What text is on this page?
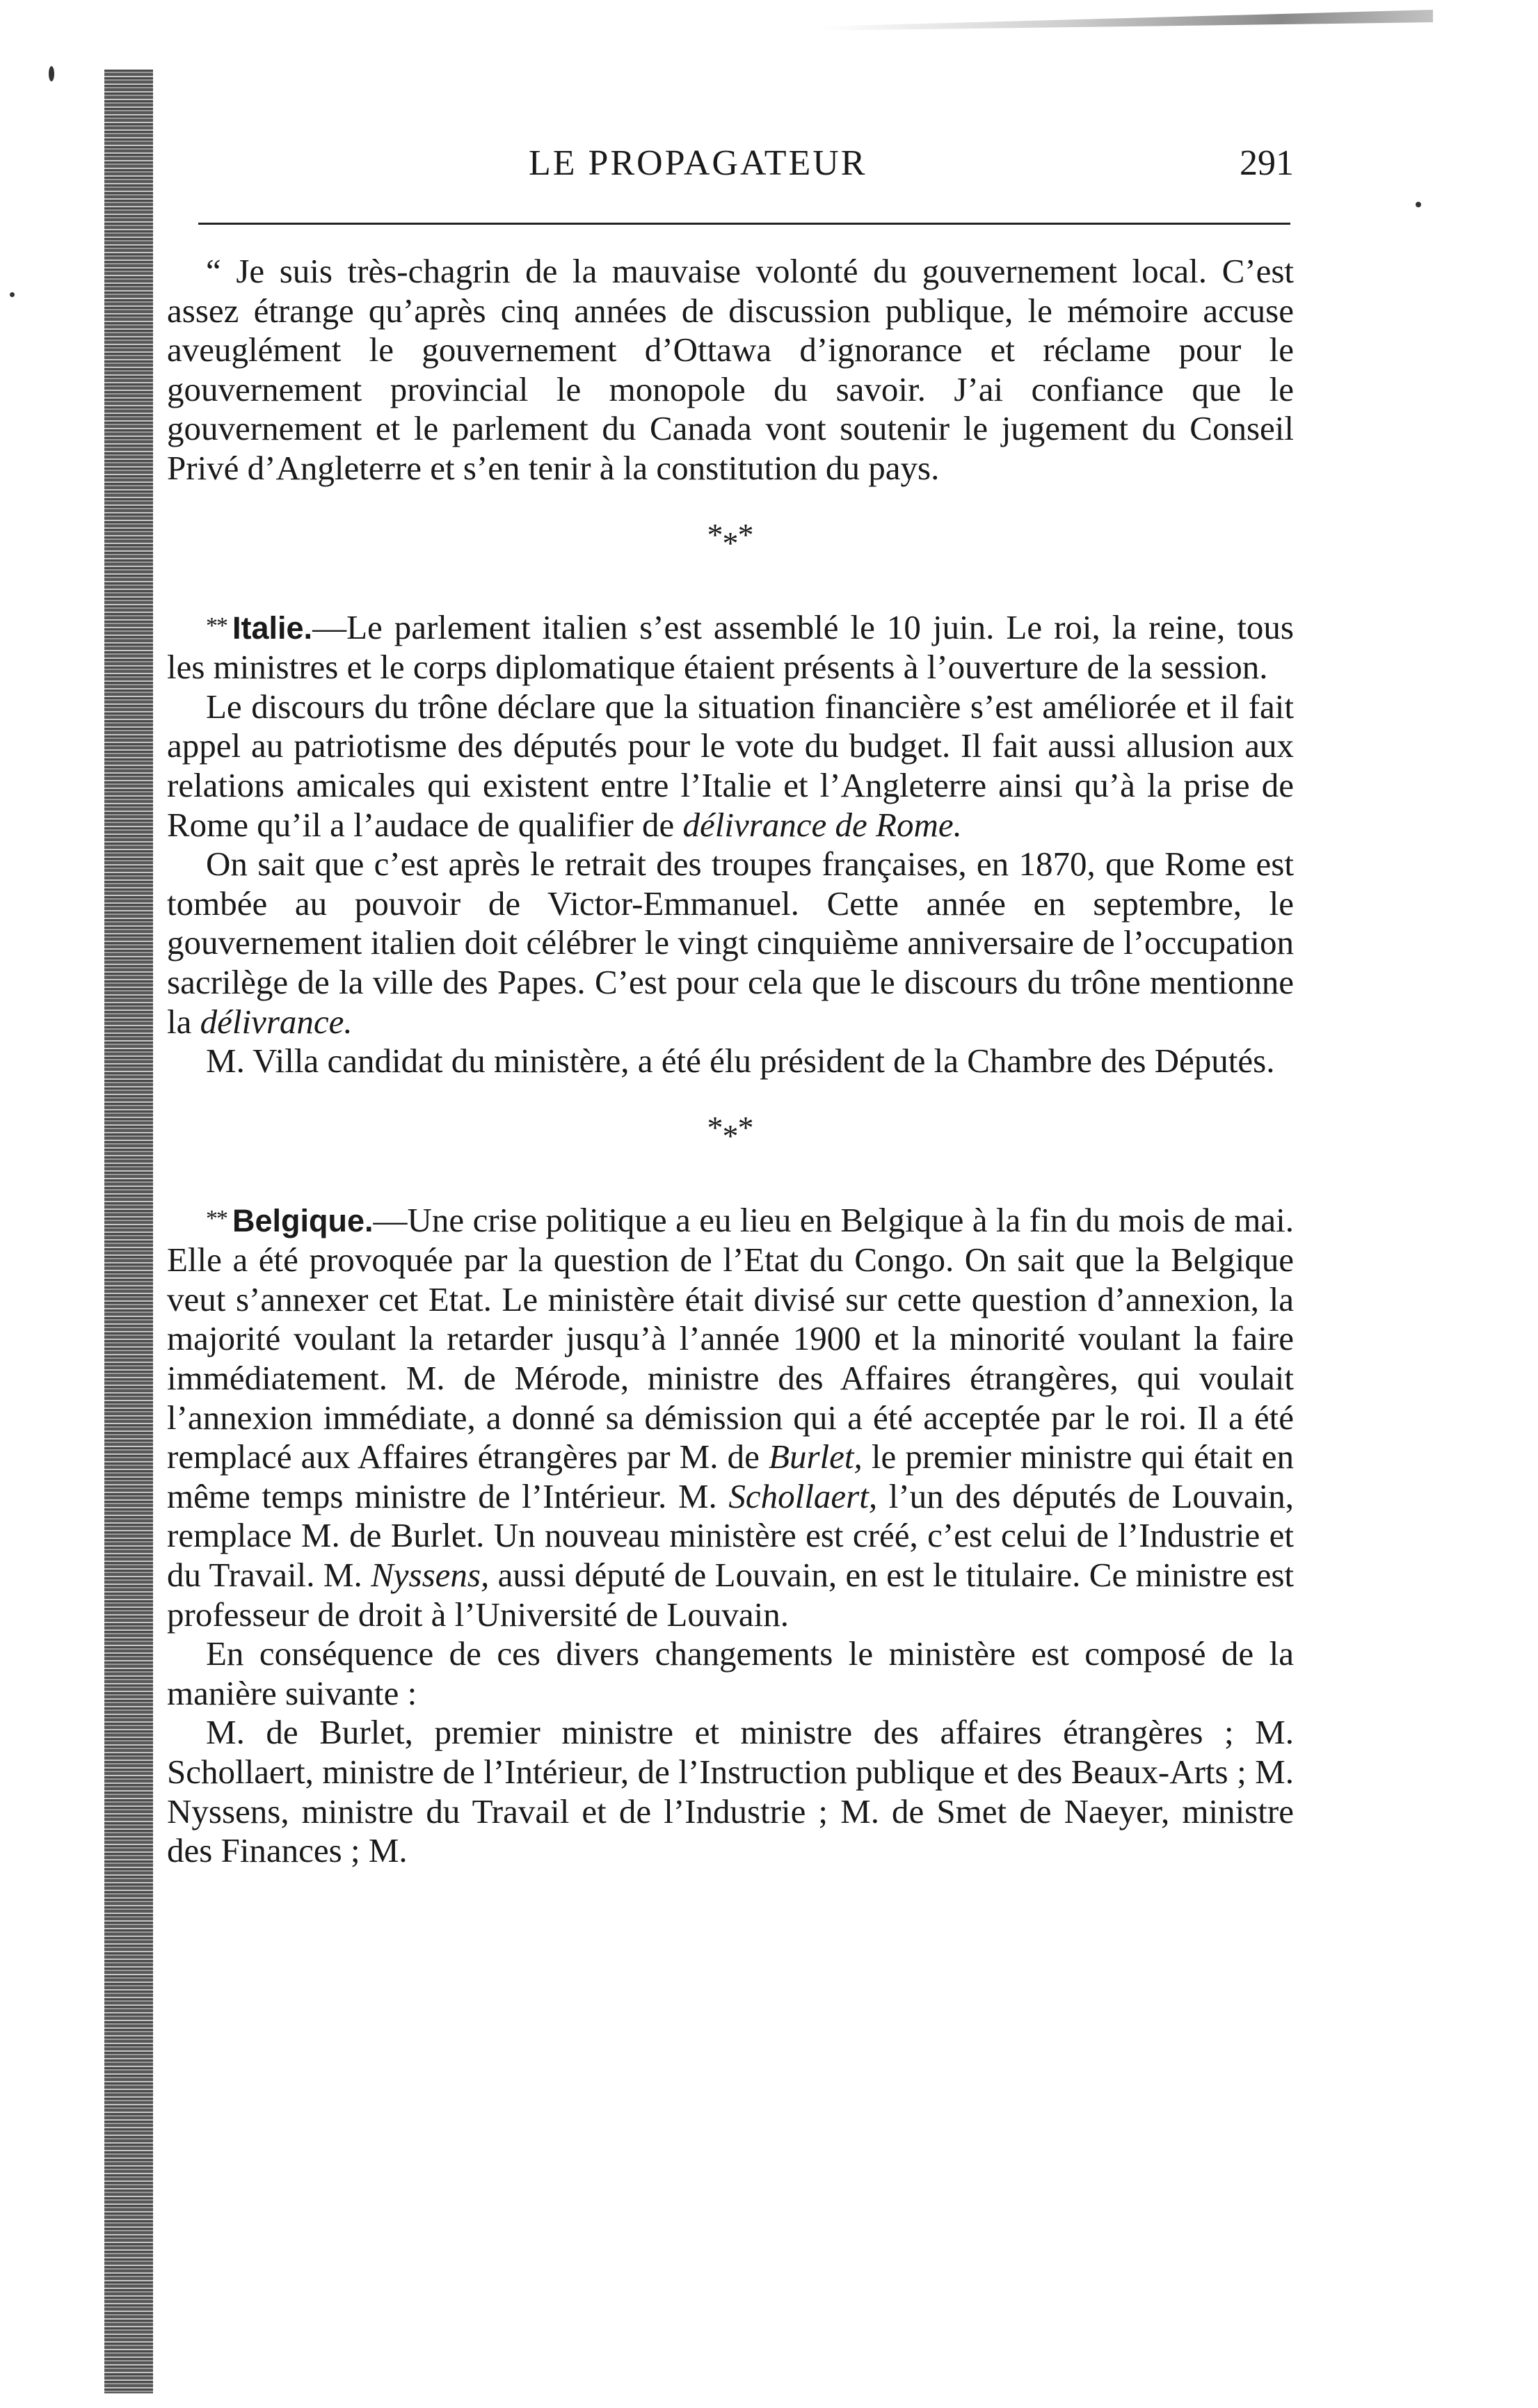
LE PROPAGATEUR	291

“ Je suis très-chagrin de la mauvaise volonté du gouvernement local. C’est assez étrange qu’après cinq années de discussion publique, le mémoire accuse aveuglément le gouvernement d’Ottawa d’ignorance et réclame pour le gouvernement provincial le monopole du savoir. J’ai confiance que le gouvernement et le parlement du Canada vont soutenir le jugement du Conseil Privé d’Angleterre et s’en tenir à la constitution du pays.

* * *

** Italie.—Le parlement italien s’est assemblé le 10 juin. Le roi, la reine, tous les ministres et le corps diplomatique étaient présents à l’ouverture de la session.

Le discours du trône déclare que la situation financière s’est améliorée et il fait appel au patriotisme des députés pour le vote du budget. Il fait aussi allusion aux relations amicales qui existent entre l’Italie et l’Angleterre ainsi qu’à la prise de Rome qu’il a l’audace de qualifier de délivrance de Rome.

On sait que c’est après le retrait des troupes françaises, en 1870, que Rome est tombée au pouvoir de Victor-Emmanuel. Cette année en septembre, le gouvernement italien doit célébrer le vingt cinquième anniversaire de l’occupation sacrilège de la ville des Papes. C’est pour cela que le discours du trône mentionne la délivrance.

M. Villa candidat du ministère, a été élu président de la Chambre des Députés.

* * *

** Belgique.—Une crise politique a eu lieu en Belgique à la fin du mois de mai. Elle a été provoquée par la question de l’Etat du Congo. On sait que la Belgique veut s’annexer cet Etat. Le ministère était divisé sur cette question d’annexion, la majorité voulant la retarder jusqu’à l’année 1900 et la minorité voulant la faire immédiatement. M. de Mérode, ministre des Affaires étrangères, qui voulait l’annexion immédiate, a donné sa démission qui a été acceptée par le roi. Il a été remplacé aux Affaires étrangères par M. de Burlet, le premier ministre qui était en même temps ministre de l’Intérieur. M. Schollaert, l’un des députés de Louvain, remplace M. de Burlet. Un nouveau ministère est créé, c’est celui de l’Industrie et du Travail. M. Nyssens, aussi député de Louvain, en est le titulaire. Ce ministre est professeur de droit à l’Université de Louvain.

En conséquence de ces divers changements le ministère est composé de la manière suivante :

M. de Burlet, premier ministre et ministre des affaires étrangères ; M. Schollaert, ministre de l’Intérieur, de l’Instruction publique et des Beaux-Arts ; M. Nyssens, ministre du Travail et de l’Industrie ; M. de Smet de Naeyer, ministre des Finances ; M.
